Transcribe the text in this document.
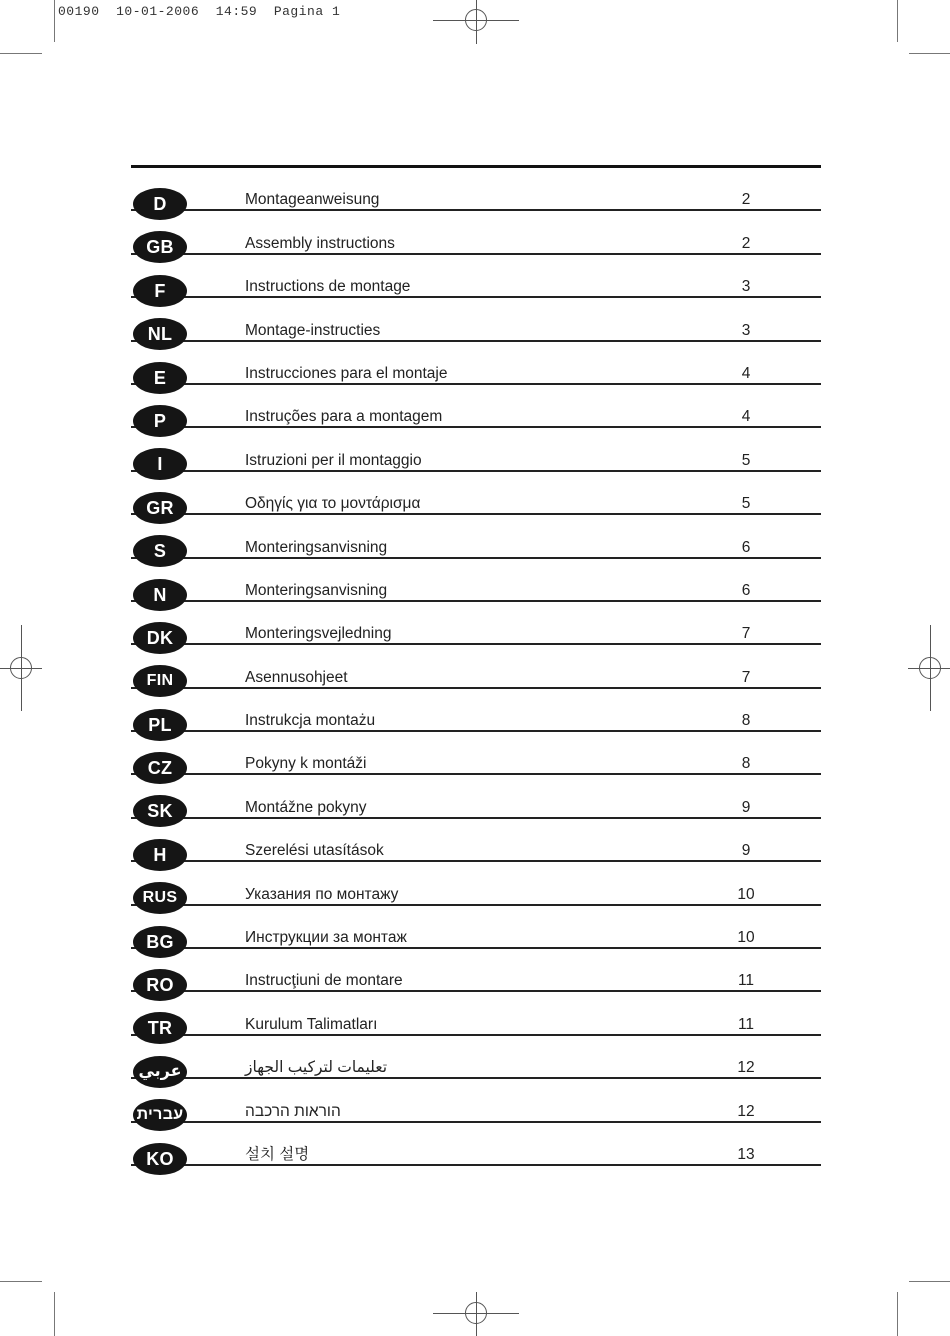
00190  10-01-2006  14:59  Pagina 1
D	Montageanweisung	2
GB	Assembly instructions	2
F	Instructions de montage	3
NL	Montage-instructies	3
E	Instrucciones para el montaje	4
P	Instruções para a montagem	4
I	Istruzioni per il montaggio	5
GR	Οδηγίς για το μοντάρισμα	5
S	Monteringsanvisning	6
N	Monteringsanvisning	6
DK	Monteringsvejledning	7
FIN	Asennusohjeet	7
PL	Instrukcja montażu	8
CZ	Pokyny k montáži	8
SK	Montážne pokyny	9
H	Szerelési utasítások	9
RUS	Указания по монтажу	10
BG	Инструкции за монтаж	10
RO	Instrucţiuni de montare	11
TR	Kurulum Talimatları	11
عربي	تعليمات لتركيب الجهاز	12
עברית	הוראות הרכבה	12
KO	설치 설명	13
